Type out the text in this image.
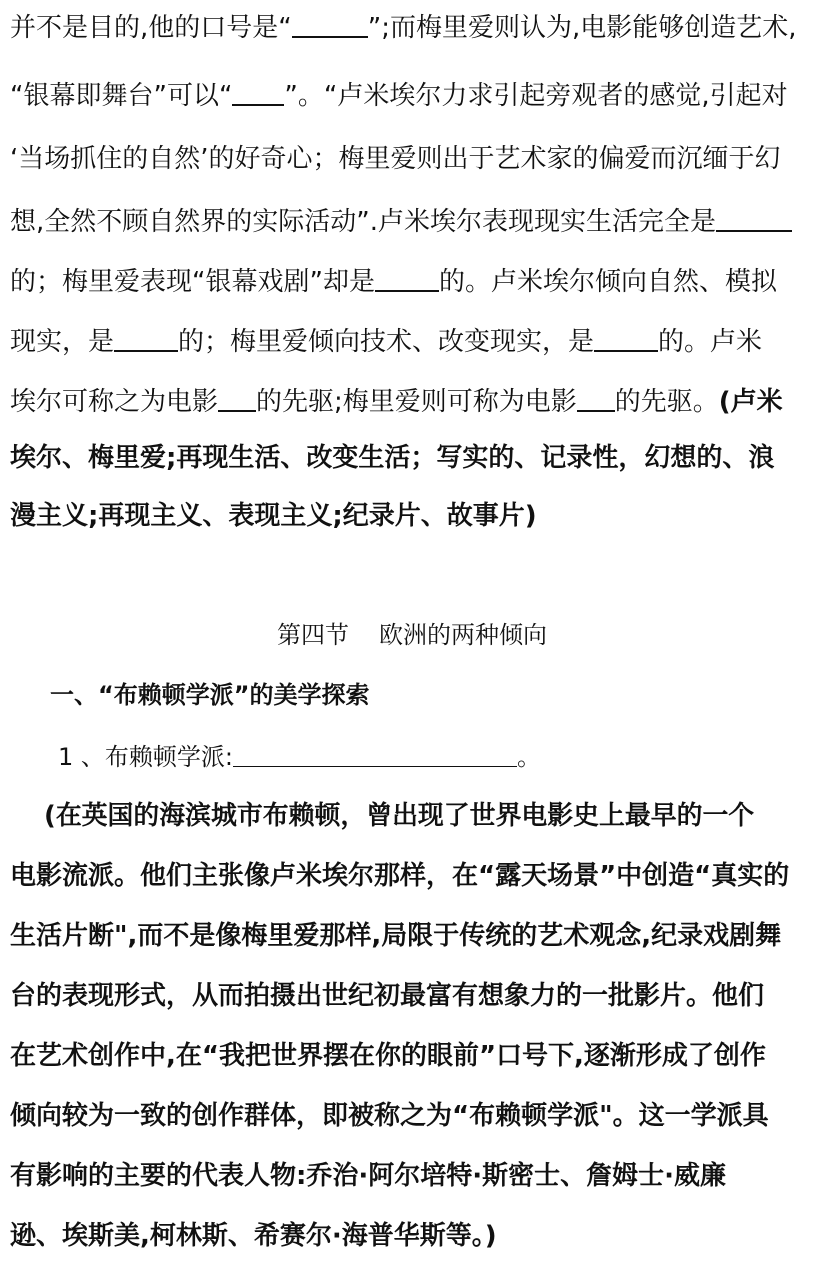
并不是目的,他的口号是“	”;而梅里爱则认为,电影能够创造艺术,
“银幕即舞台”可以“ ”。“卢米埃尔力求引起旁观者的感觉,引起对
‘当场抓住的自然’的好奇心；梅里爱则出于艺术家的偏爱而沉缅于幻
想,全然不顾自然界的实际活动”.卢米埃尔表现现实生活完全是
的；梅里爱表现“银幕戏剧”却是 的。卢米埃尔倾向自然、模拟
现实，是 的；梅里爱倾向技术、改变现实，是 的。卢米
埃尔可称之为电影 的先驱;梅里爱则可称为电影 的先驱。(卢米
埃尔、梅里爱;再现生活、改变生活；写实的、记录性，幻想的、浪
漫主义;再现主义、表现主义;纪录片、故事片)
第四节 欧洲的两种倾向
一、“布赖顿学派”的美学探索
1 、布赖顿学派:	。
(在英国的海滨城市布赖顿，曾出现了世界电影史上最早的一个
电影流派。他们主张像卢米埃尔那样，在“露天场景”中创造“真实的
生活片断",而不是像梅里爱那样,局限于传统的艺术观念,纪录戏剧舞
台的表现形式，从而拍摄出世纪初最富有想象力的一批影片。他们
在艺术创作中,在“我把世界摆在你的眼前”口号下,逐渐形成了创作
倾向较为一致的创作群体，即被称之为“布赖顿学派"。这一学派具
有影响的主要的代表人物:乔治·阿尔培特·斯密士、詹姆士·威廉
逊、埃斯美,柯林斯、希赛尔·海普华斯等。)
